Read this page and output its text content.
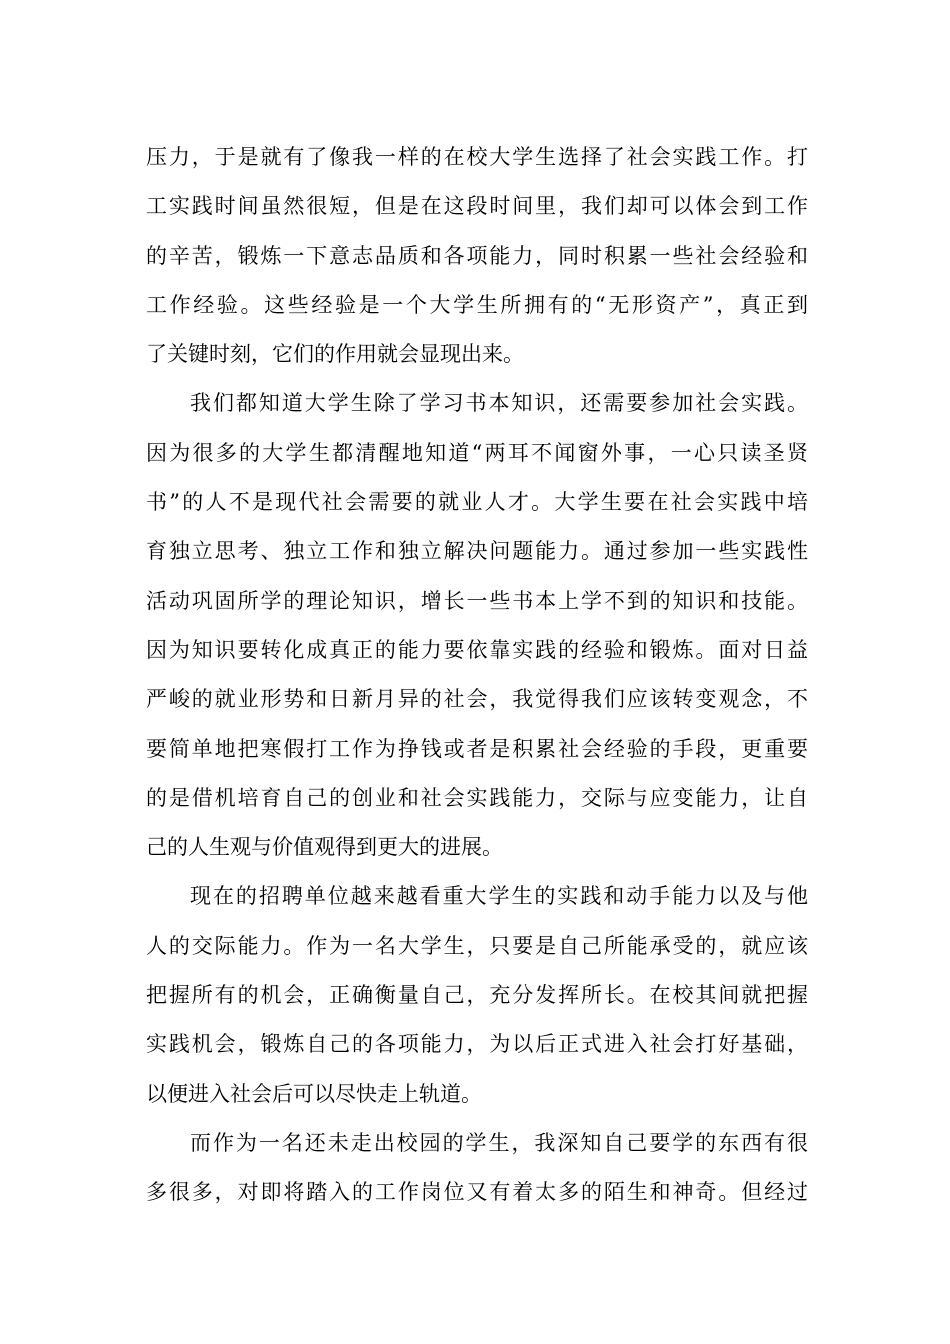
压力，于是就有了像我一样的在校大学生选择了社会实践工作。打
工实践时间虽然很短，但是在这段时间里，我们却可以体会到工作
的辛苦，锻炼一下意志品质和各项能力，同时积累一些社会经验和
工作经验。这些经验是一个大学生所拥有的“无形资产”，真正到
了关键时刻，它们的作用就会显现出来。
我们都知道大学生除了学习书本知识，还需要参加社会实践。
因为很多的大学生都清醒地知道“两耳不闻窗外事，一心只读圣贤
书”的人不是现代社会需要的就业人才。大学生要在社会实践中培
育独立思考、独立工作和独立解决问题能力。通过参加一些实践性
活动巩固所学的理论知识，增长一些书本上学不到的知识和技能。
因为知识要转化成真正的能力要依靠实践的经验和锻炼。面对日益
严峻的就业形势和日新月异的社会，我觉得我们应该转变观念，不
要简单地把寒假打工作为挣钱或者是积累社会经验的手段，更重要
的是借机培育自己的创业和社会实践能力，交际与应变能力，让自
己的人生观与价值观得到更大的进展。
现在的招聘单位越来越看重大学生的实践和动手能力以及与他
人的交际能力。作为一名大学生，只要是自己所能承受的，就应该
把握所有的机会，正确衡量自己，充分发挥所长。在校其间就把握
实践机会，锻炼自己的各项能力，为以后正式进入社会打好基础，
以便进入社会后可以尽快走上轨道。
而作为一名还未走出校园的学生，我深知自己要学的东西有很
多很多，对即将踏入的工作岗位又有着太多的陌生和神奇。但经过
